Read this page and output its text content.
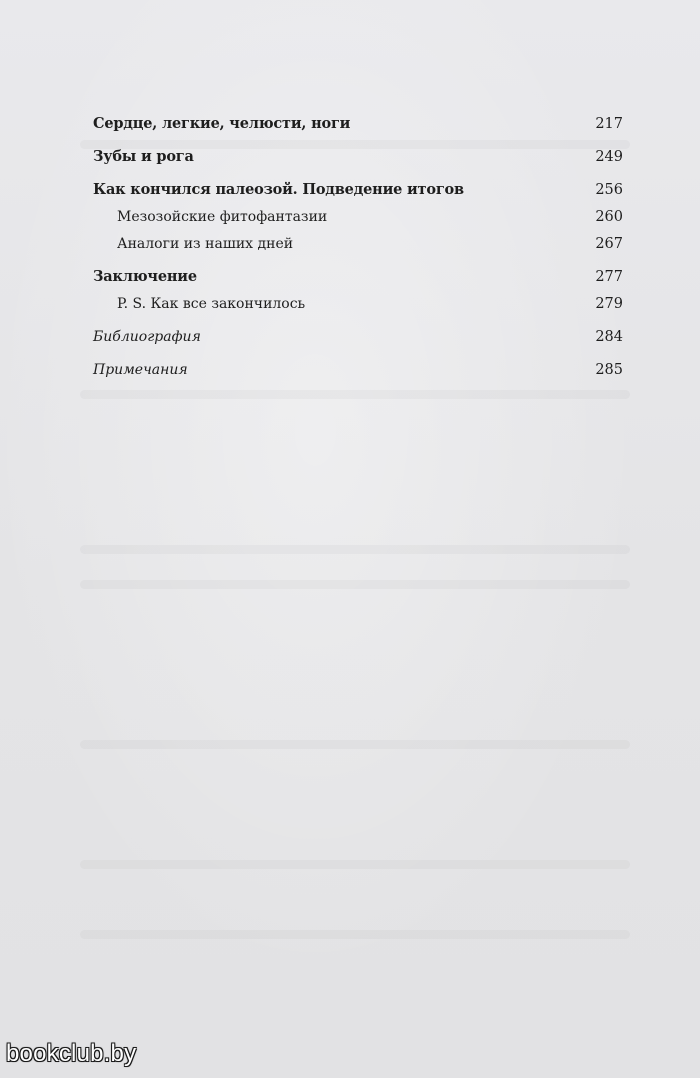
Сердце, легкие, челюсти, ноги	217
Зубы и рога	249
Как кончился палеозой. Подведение итогов	256
Мезозойские фитофантазии	260
Аналоги из наших дней	267
Заключение	277
P. S. Как все закончилось	279
Библиография	284
Примечания	285
bookclub.by
